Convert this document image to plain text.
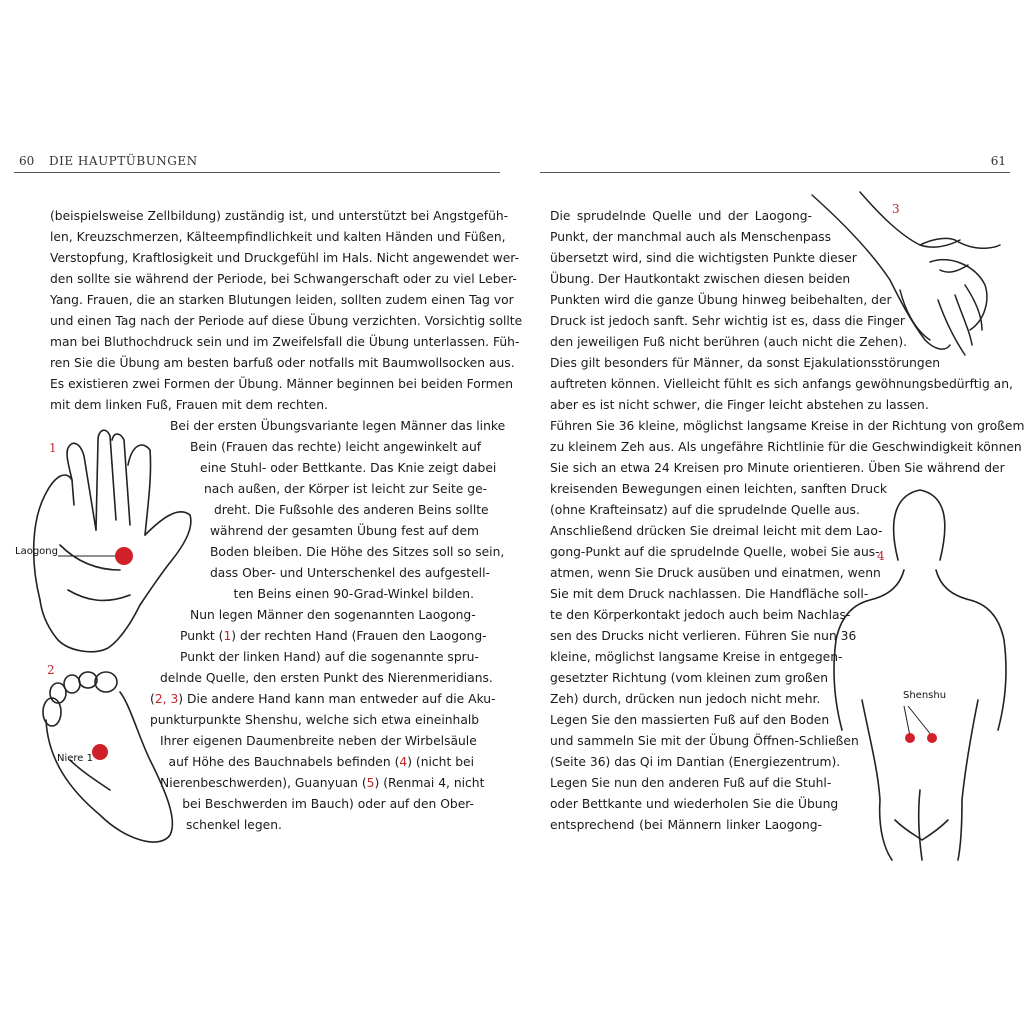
60 DIE HAUPTÜBUNGEN	61
(beispielsweise Zellbildung) zuständig ist, und unterstützt bei Angstgefüh-
len, Kreuzschmerzen, Kälteempfindlichkeit und kalten Händen und Füßen,
Verstopfung, Kraftlosigkeit und Druckgefühl im Hals. Nicht angewendet wer-
den sollte sie während der Periode, bei Schwangerschaft oder zu viel Leber-
Yang. Frauen, die an starken Blutungen leiden, sollten zudem einen Tag vor
und einen Tag nach der Periode auf diese Übung verzichten. Vorsichtig sollte
man bei Bluthochdruck sein und im Zweifelsfall die Übung unterlassen. Füh-
ren Sie die Übung am besten barfuß oder notfalls mit Baumwollsocken aus.
Es existieren zwei Formen der Übung. Männer beginnen bei beiden Formen
mit dem linken Fuß, Frauen mit dem rechten.
Bei der ersten Übungsvariante legen Männer das linke
Bein (Frauen das rechte) leicht angewinkelt auf
eine Stuhl- oder Bettkante. Das Knie zeigt dabei
nach außen, der Körper ist leicht zur Seite ge-
dreht. Die Fußsohle des anderen Beins sollte
während der gesamten Übung fest auf dem
Boden bleiben. Die Höhe des Sitzes soll so sein,
dass Ober- und Unterschenkel des aufgestell-
ten Beins einen 90-Grad-Winkel bilden.
Nun legen Männer den sogenannten Laogong-
Punkt (1) der rechten Hand (Frauen den Laogong-
Punkt der linken Hand) auf die sogenannte spru-
delnde Quelle, den ersten Punkt des Nierenmeridians.
(2, 3) Die andere Hand kann man entweder auf die Aku-
punkturpunkte Shenshu, welche sich etwa eineinhalb
Ihrer eigenen Daumenbreite neben der Wirbelsäule
auf Höhe des Bauchnabels befinden (4) (nicht bei
Nierenbeschwerden), Guanyuan (5) (Renmai 4, nicht
bei Beschwerden im Bauch) oder auf den Ober-
schenkel legen.
Die sprudelnde Quelle und der Laogong-
Punkt, der manchmal auch als Menschenpass
übersetzt wird, sind die wichtigsten Punkte dieser
Übung. Der Hautkontakt zwischen diesen beiden
Punkten wird die ganze Übung hinweg beibehalten, der
Druck ist jedoch sanft. Sehr wichtig ist es, dass die Finger
den jeweiligen Fuß nicht berühren (auch nicht die Zehen).
Dies gilt besonders für Männer, da sonst Ejakulationsstörungen
auftreten können. Vielleicht fühlt es sich anfangs gewöhnungsbedürftig an,
aber es ist nicht schwer, die Finger leicht abstehen zu lassen.
Führen Sie 36 kleine, möglichst langsame Kreise in der Richtung von großem
zu kleinem Zeh aus. Als ungefähre Richtlinie für die Geschwindigkeit können
Sie sich an etwa 24 Kreisen pro Minute orientieren. Üben Sie während der
kreisenden Bewegungen einen leichten, sanften Druck
(ohne Krafteinsatz) auf die sprudelnde Quelle aus.
Anschließend drücken Sie dreimal leicht mit dem Lao-
gong-Punkt auf die sprudelnde Quelle, wobei Sie aus-
atmen, wenn Sie Druck ausüben und einatmen, wenn
Sie mit dem Druck nachlassen. Die Handfläche soll-
te den Körperkontakt jedoch auch beim Nachlas-
sen des Drucks nicht verlieren. Führen Sie nun 36
kleine, möglichst langsame Kreise in entgegen-
gesetzter Richtung (vom kleinen zum großen
Zeh) durch, drücken nun jedoch nicht mehr.
Legen Sie den massierten Fuß auf den Boden
und sammeln Sie mit der Übung Öffnen-Schließen
(Seite 36) das Qi im Dantian (Energiezentrum).
Legen Sie nun den anderen Fuß auf die Stuhl-
oder Bettkante und wiederholen Sie die Übung
entsprechend (bei Männern linker Laogong-
1
Laogong
2
Niere 1
3
4
Shenshu
